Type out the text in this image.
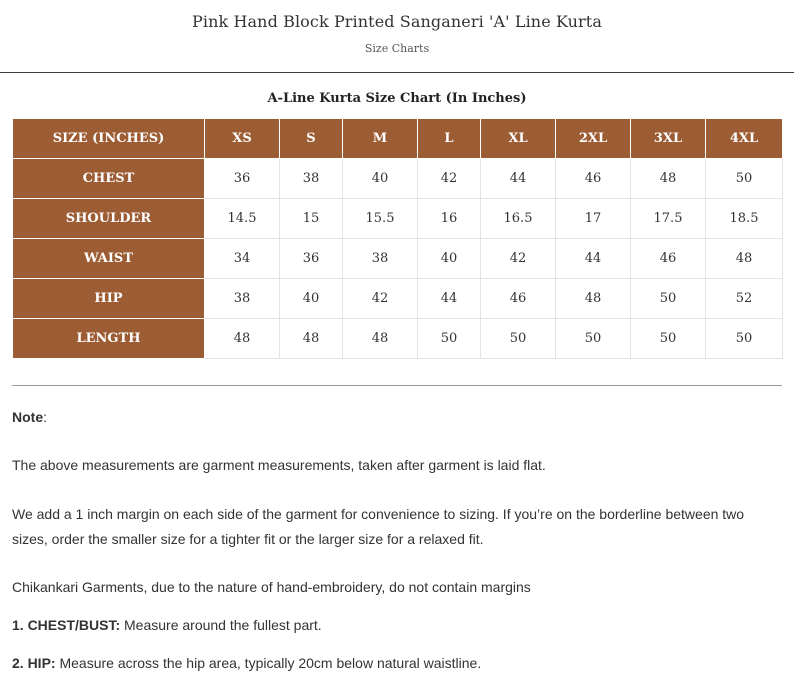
Pink Hand Block Printed Sanganeri 'A' Line Kurta
Size Charts
A-Line Kurta Size Chart (In Inches)
SIZE (INCHES)	XS	S	M	L	XL	2XL	3XL	4XL
CHEST	36	38	40	42	44	46	48	50
SHOULDER	14.5	15	15.5	16	16.5	17	17.5	18.5
WAIST	34	36	38	40	42	44	46	48
HIP	38	40	42	44	46	48	50	52
LENGTH	48	48	48	50	50	50	50	50

Note:

The above measurements are garment measurements, taken after garment is laid flat.

We add a 1 inch margin on each side of the garment for convenience to sizing. If you’re on the borderline between two sizes, order the smaller size for a tighter fit or the larger size for a relaxed fit.

Chikankari Garments, due to the nature of hand-embroidery, do not contain margins

1. CHEST/BUST: Measure around the fullest part.

2. HIP: Measure across the hip area, typically 20cm below natural waistline.
